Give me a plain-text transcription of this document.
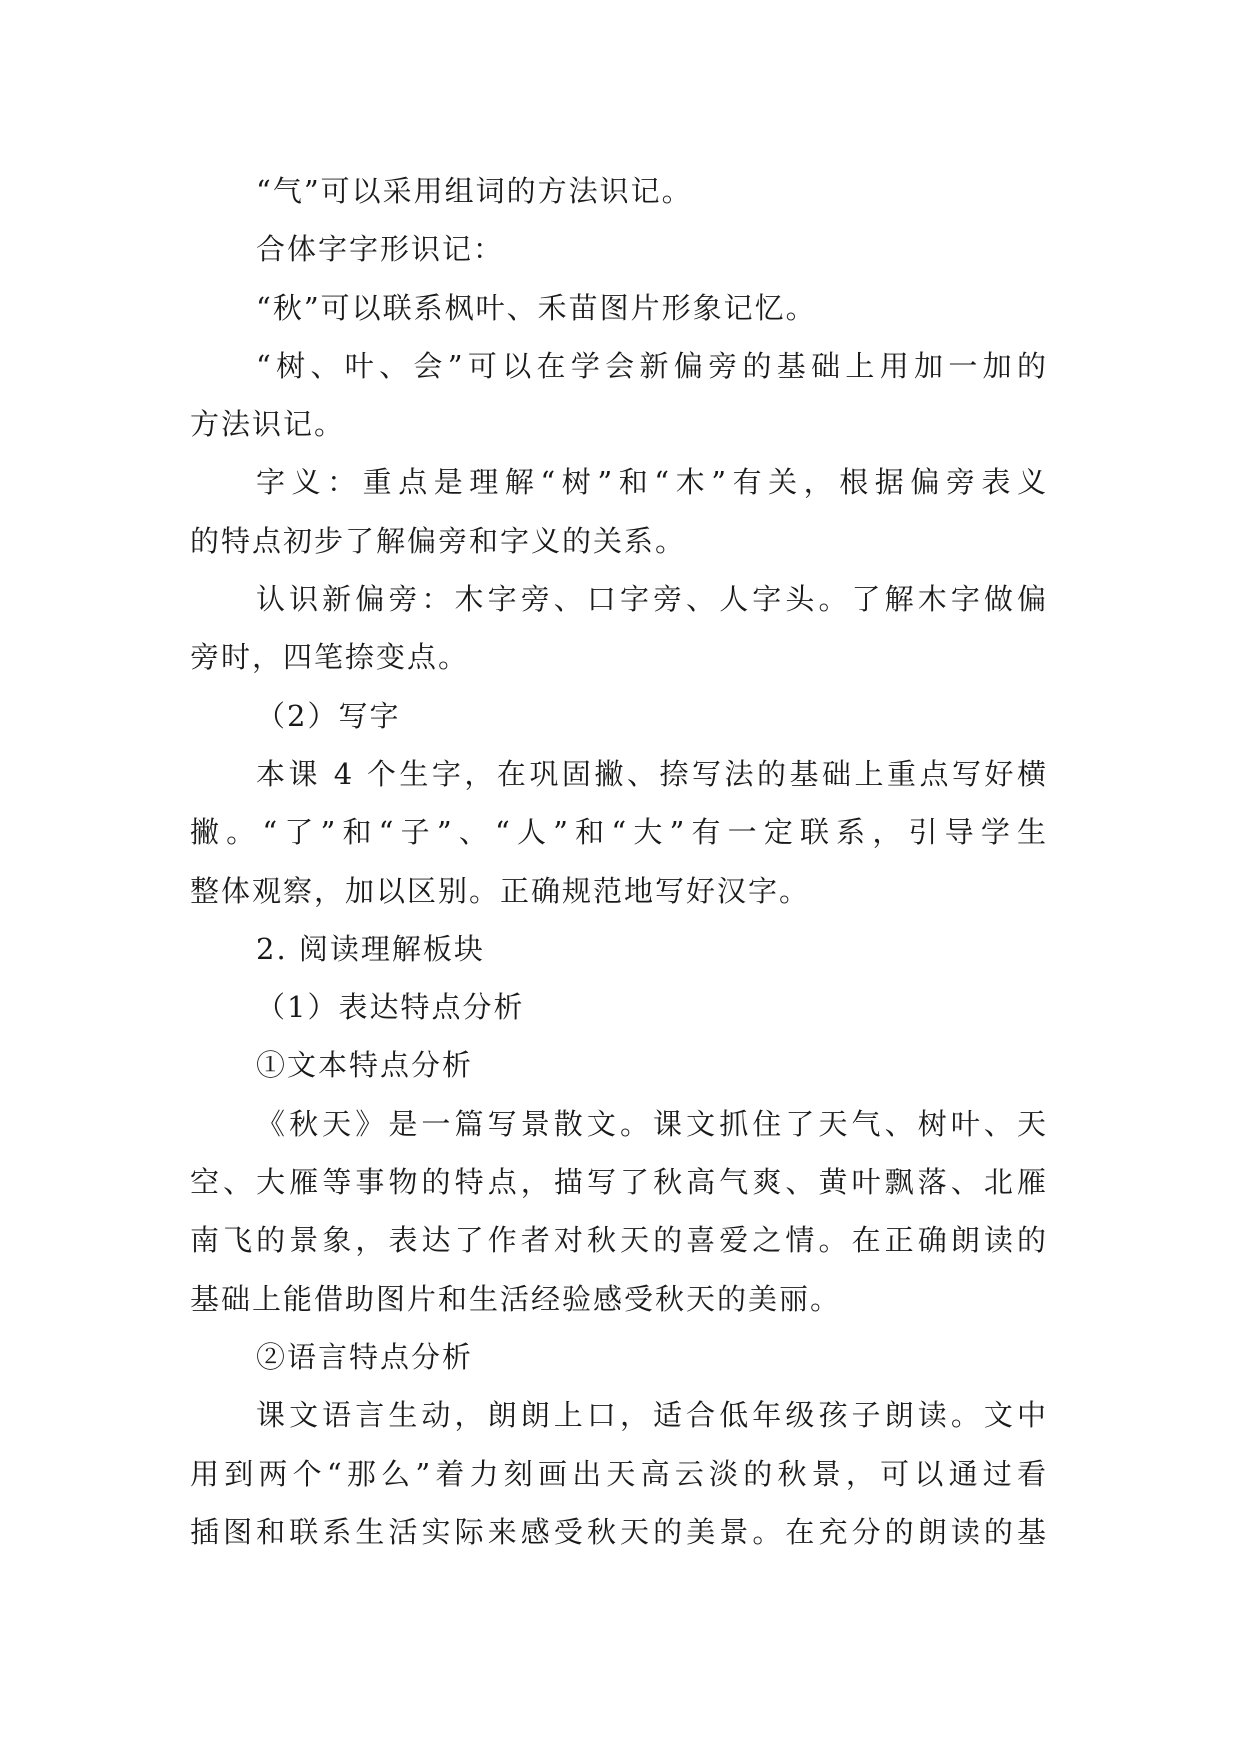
“气”可以采用组词的方法识记。
合体字字形识记：
“秋”可以联系枫叶、禾苗图片形象记忆。
“树、叶、会”可以在学会新偏旁的基础上用加一加的
方法识记。
字义：重点是理解“树”和“木”有关，根据偏旁表义
的特点初步了解偏旁和字义的关系。
认识新偏旁：木字旁、口字旁、人字头。了解木字做偏
旁时，四笔捺变点。
（2）写字
本课 4 个生字，在巩固撇、捺写法的基础上重点写好横
撇。“了”和“子”、“人”和“大”有一定联系，引导学生
整体观察，加以区别。正确规范地写好汉字。
2. 阅读理解板块
（1）表达特点分析
①文本特点分析
《秋天》是一篇写景散文。课文抓住了天气、树叶、天
空、大雁等事物的特点，描写了秋高气爽、黄叶飘落、北雁
南飞的景象，表达了作者对秋天的喜爱之情。在正确朗读的
基础上能借助图片和生活经验感受秋天的美丽。
②语言特点分析
课文语言生动，朗朗上口，适合低年级孩子朗读。文中
用到两个“那么”着力刻画出天高云淡的秋景，可以通过看
插图和联系生活实际来感受秋天的美景。在充分的朗读的基
